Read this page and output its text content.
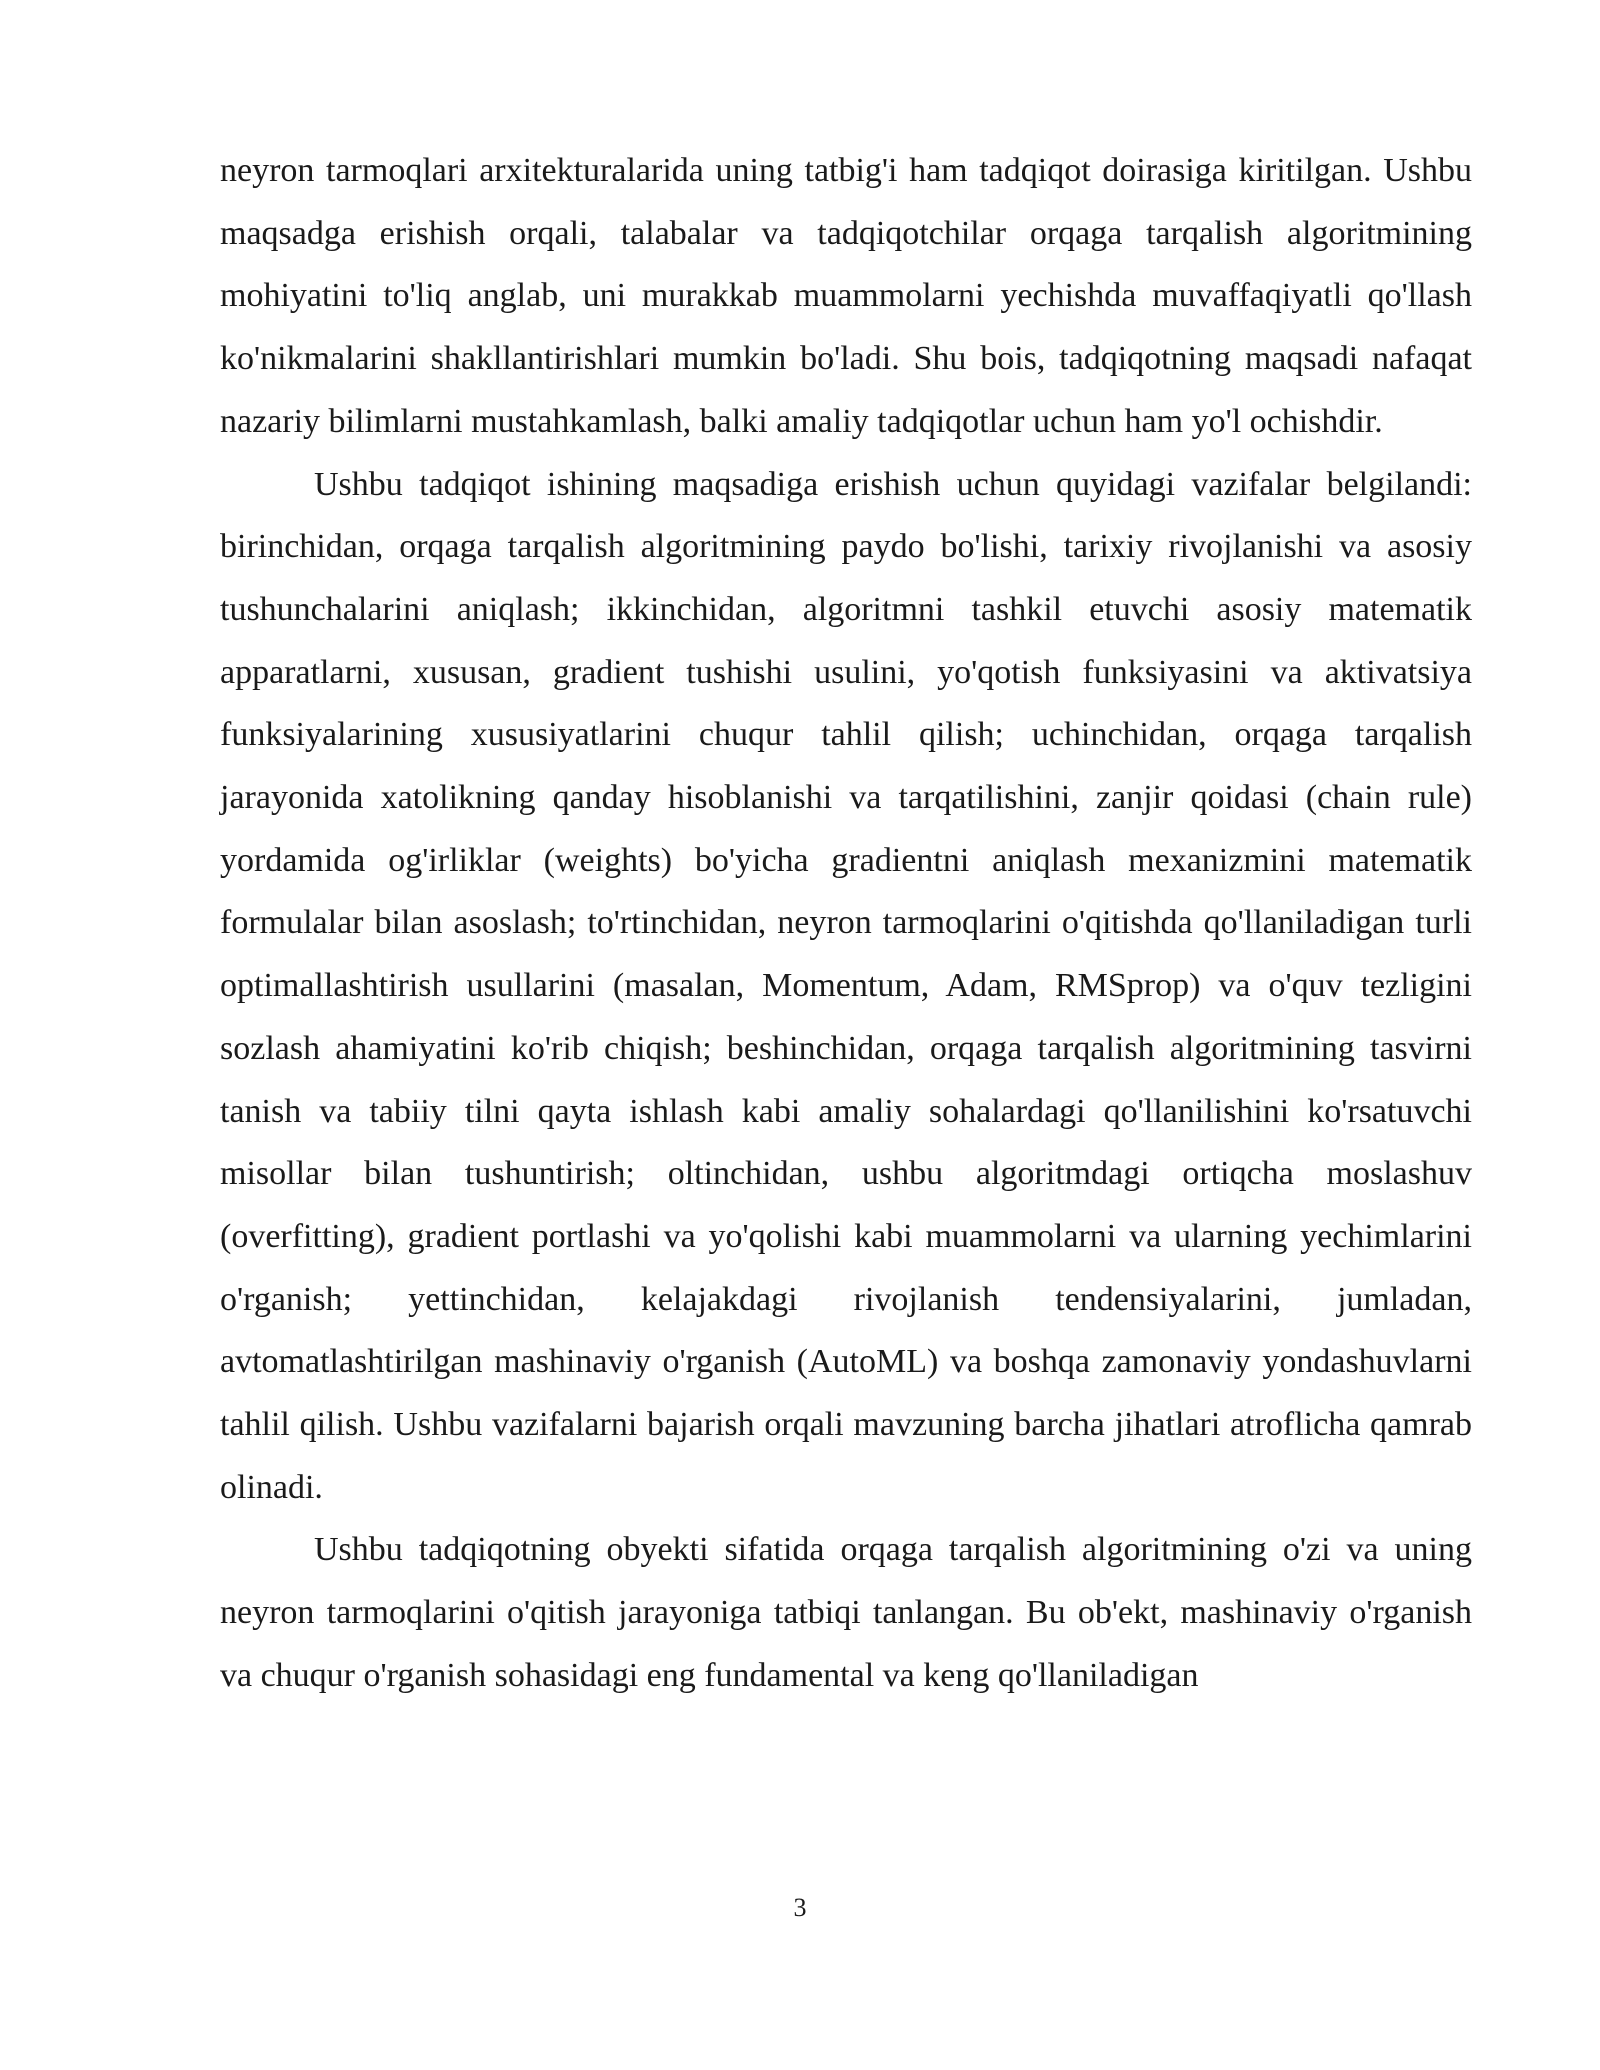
neyron tarmoqlari arxitekturalarida uning tatbig'i ham tadqiqot doirasiga kiritilgan. Ushbu maqsadga erishish orqali, talabalar va tadqiqotchilar orqaga tarqalish algoritmining mohiyatini to'liq anglab, uni murakkab muammolarni yechishda muvaffaqiyatli qo'llash ko'nikmalarini shakllantirishlari mumkin bo'ladi. Shu bois, tadqiqotning maqsadi nafaqat nazariy bilimlarni mustahkamlash, balki amaliy tadqiqotlar uchun ham yo'l ochishdir.

Ushbu tadqiqot ishining maqsadiga erishish uchun quyidagi vazifalar belgilandi: birinchidan, orqaga tarqalish algoritmining paydo bo'lishi, tarixiy rivojlanishi va asosiy tushunchalarini aniqlash; ikkinchidan, algoritmni tashkil etuvchi asosiy matematik apparatlarni, xususan, gradient tushishi usulini, yo'qotish funksiyasini va aktivatsiya funksiyalarining xususiyatlarini chuqur tahlil qilish; uchinchidan, orqaga tarqalish jarayonida xatolikning qanday hisoblanishi va tarqatilishini, zanjir qoidasi (chain rule) yordamida og'irliklar (weights) bo'yicha gradientni aniqlash mexanizmini matematik formulalar bilan asoslash; to'rtinchidan, neyron tarmoqlarini o'qitishda qo'llaniladigan turli optimallashtirish usullarini (masalan, Momentum, Adam, RMSprop) va o'quv tezligini sozlash ahamiyatini ko'rib chiqish; beshinchidan, orqaga tarqalish algoritmining tasvirni tanish va tabiiy tilni qayta ishlash kabi amaliy sohalardagi qo'llanilishini ko'rsatuvchi misollar bilan tushuntirish; oltinchidan, ushbu algoritmdagi ortiqcha moslashuv (overfitting), gradient portlashi va yo'qolishi kabi muammolarni va ularning yechimlarini o'rganish; yettinchidan, kelajakdagi rivojlanish tendensiyalarini, jumladan, avtomatlashtirilgan mashinaviy o'rganish (AutoML) va boshqa zamonaviy yondashuvlarni tahlil qilish. Ushbu vazifalarni bajarish orqali mavzuning barcha jihatlari atroflicha qamrab olinadi.

Ushbu tadqiqotning obyekti sifatida orqaga tarqalish algoritmining o'zi va uning neyron tarmoqlarini o'qitish jarayoniga tatbiqi tanlangan. Bu ob'ekt, mashinaviy o'rganish va chuqur o'rganish sohasidagi eng fundamental va keng qo'llaniladigan

3
